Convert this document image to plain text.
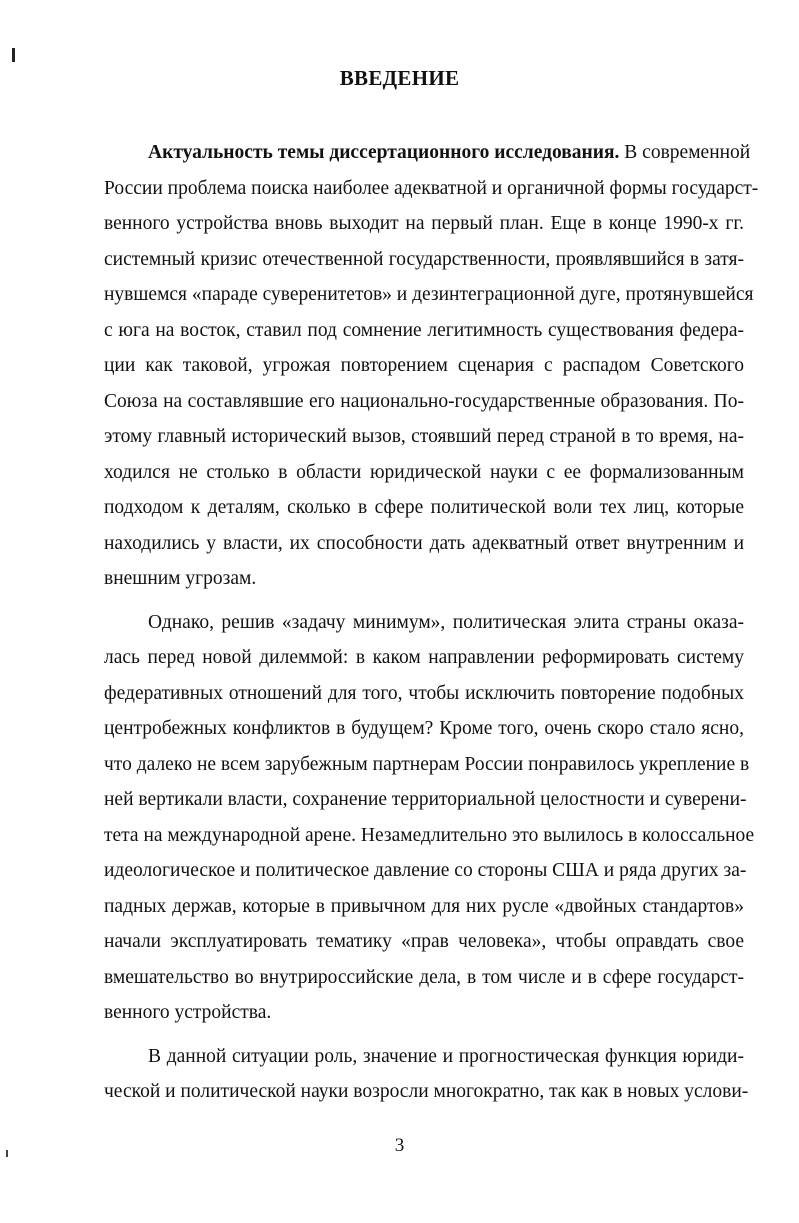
ВВЕДЕНИЕ
Актуальность темы диссертационного исследования. В современной
России проблема поиска наиболее адекватной и органичной формы государст-
венного устройства вновь выходит на первый план. Еще в конце 1990-х гг.
системный кризис отечественной государственности, проявлявшийся в затя-
нувшемся «параде суверенитетов» и дезинтеграционной дуге, протянувшейся
с юга на восток, ставил под сомнение легитимность существования федера-
ции как таковой, угрожая повторением сценария с распадом Советского
Союза на составлявшие его национально-государственные образования. По-
этому главный исторический вызов, стоявший перед страной в то время, на-
ходился не столько в области юридической науки с ее формализованным
подходом к деталям, сколько в сфере политической воли тех лиц, которые
находились у власти, их способности дать адекватный ответ внутренним и
внешним угрозам.
Однако, решив «задачу минимум», политическая элита страны оказа-
лась перед новой дилеммой: в каком направлении реформировать систему
федеративных отношений для того, чтобы исключить повторение подобных
центробежных конфликтов в будущем? Кроме того, очень скоро стало ясно,
что далеко не всем зарубежным партнерам России понравилось укрепление в
ней вертикали власти, сохранение территориальной целостности и суверени-
тета на международной арене. Незамедлительно это вылилось в колоссальное
идеологическое и политическое давление со стороны США и ряда других за-
падных держав, которые в привычном для них русле «двойных стандартов»
начали эксплуатировать тематику «прав человека», чтобы оправдать свое
вмешательство во внутрироссийские дела, в том числе и в сфере государст-
венного устройства.
В данной ситуации роль, значение и прогностическая функция юриди-
ческой и политической науки возросли многократно, так как в новых услови-
3
